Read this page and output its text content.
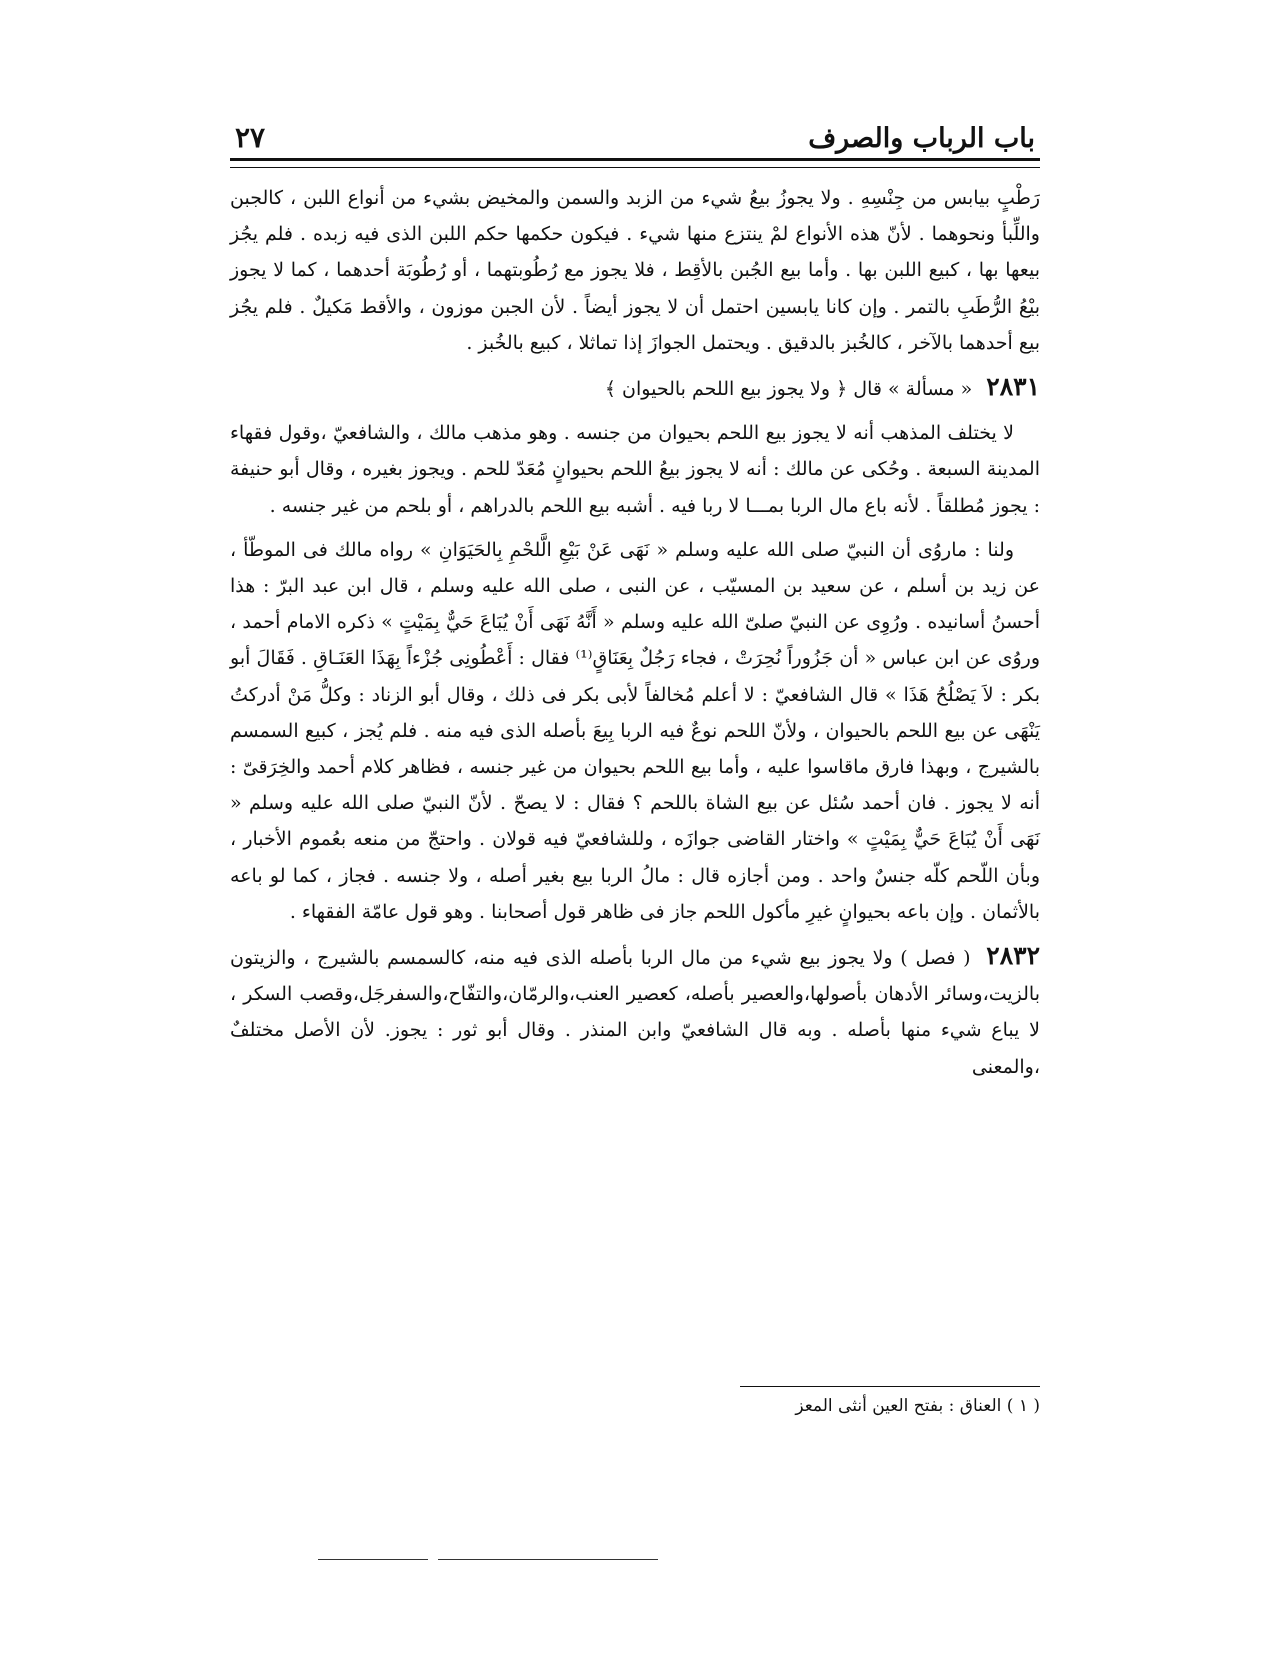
باب الرباب والصرف
٢٧

رَطْبٍ بيابس من جِنْسِهِ . ولا يجوزُ بيعُ شيء من الزبد والسمن والمخيض بشيء من أنواع اللبن ، كالجبن واللِّبأ ونحوهما . لأنّ هذه الأنواع لمْ ينتزع منها شيء . فيكون حكمها حكم اللبن الذى فيه زبده . فلم يجُز بيعها بها ، كبيع اللبن بها . وأما بيع الجُبن بالأقِط ، فلا يجوز مع رُطُوبتهما ، أو رُطُوبَة أحدهما ، كما لا يجوز بيْعُ الرُّطَبِ بالتمر . وإن كانا يابسين احتمل أن لا يجوز أيضاً . لأن الجبن موزون ، والأقط مَكيلٌ . فلم يجُز بيع أحدهما بالآخر ، كالخُبز بالدقيق . ويحتمل الجوازَ إذا تماثلا ، كبيع بالخُبز .

٢٨٣١ « مسألة » قال ﴿ ولا يجوز بيع اللحم بالحيوان ﴾

لا يختلف المذهب أنه لا يجوز بيع اللحم بحيوان من جنسه . وهو مذهب مالك ، والشافعيّ ،وقول فقهاء المدينة السبعة . وحُكى عن مالك : أنه لا يجوز بيعُ اللحم بحيوانٍ مُعَدّ للحم . ويجوز بغيره ، وقال أبو حنيفة : يجوز مُطلقاً . لأنه باع مال الربا بمـــا لا ربا فيه . أشبه بيع اللحم بالدراهم ، أو بلحم من غير جنسه .

ولنا : ماروُى أن النبيّ صلى الله عليه وسلم « نَهَى عَنْ بَيْعِ الَّلحْمِ بِالحَيَوَانِ » رواه مالك فى الموطّأ ، عن زيد بن أسلم ، عن سعيد بن المسيّب ، عن النبى ، صلى الله عليه وسلم ، قال ابن عبد البرّ : هذا أحسنُ أسانيده . ورُوِى عن النبيّ صلىّ الله عليه وسلم « أَنَّهُ نَهَى أَنْ يُبَاعَ حَيٌّ بِمَيْتٍ » ذكره الامام أحمد ، وروُى عن ابن عباس « أن جَزُوراً نُحِرَتْ ، فجاء رَجُلٌ بِعَنَاقٍ⁽¹⁾ فقال : أَعْطُونِى جُزْءاً بِهَذَا العَنَـاقِ . فَقَالَ أبو بكر : لاَ يَصْلُحُ هَذَا » قال الشافعيّ : لا أعلم مُخالفاً لأبى بكر فى ذلك ، وقال أبو الزناد : وكلُّ مَنْ أدركتُ يَنْهَى عن بيع اللحم بالحيوان ، ولأنّ اللحم نوعٌ فيه الربا بِيعَ بأصله الذى فيه منه . فلم يُجز ، كبيع السمسم بالشيرج ، وبهذا فارق ماقاسوا عليه ، وأما بيع اللحم بحيوان من غير جنسه ، فظاهر كلام أحمد والخِرَقىّ : أنه لا يجوز . فان أحمد سُئل عن بيع الشاة باللحم ؟ فقال : لا يصحّ . لأنّ النبيّ صلى الله عليه وسلم « نَهَى أَنْ يُبَاعَ حَيٌّ بِمَيْتٍ » واختار القاضى جوازَه ، وللشافعيّ فيه قولان . واحتجّ من منعه بعُموم الأخبار ، وبأن اللّحم كلّه جنسٌ واحد . ومن أجازه قال : مالُ الربا بيع بغير أصله ، ولا جنسه . فجاز ، كما لو باعه بالأثمان . وإن باعه بحيوانٍ غيرِ مأكول اللحم جاز فى ظاهر قول أصحابنا . وهو قول عامّة الفقهاء .

٢٨٣٢ ( فصل ) ولا يجوز بيع شيء من مال الربا بأصله الذى فيه منه، كالسمسم بالشيرج ، والزيتون بالزيت،وسائر الأدهان بأصولها،والعصير بأصله، كعصير العنب،والرمّان،والتفّاح،والسفرجَل،وقصب السكر ، لا يباع شيء منها بأصله . وبه قال الشافعيّ وابن المنذر . وقال أبو ثور : يجوز. لأن الأصل مختلفٌ ،والمعنى

( ١ ) العناق : بفتح العين أنثى المعز
